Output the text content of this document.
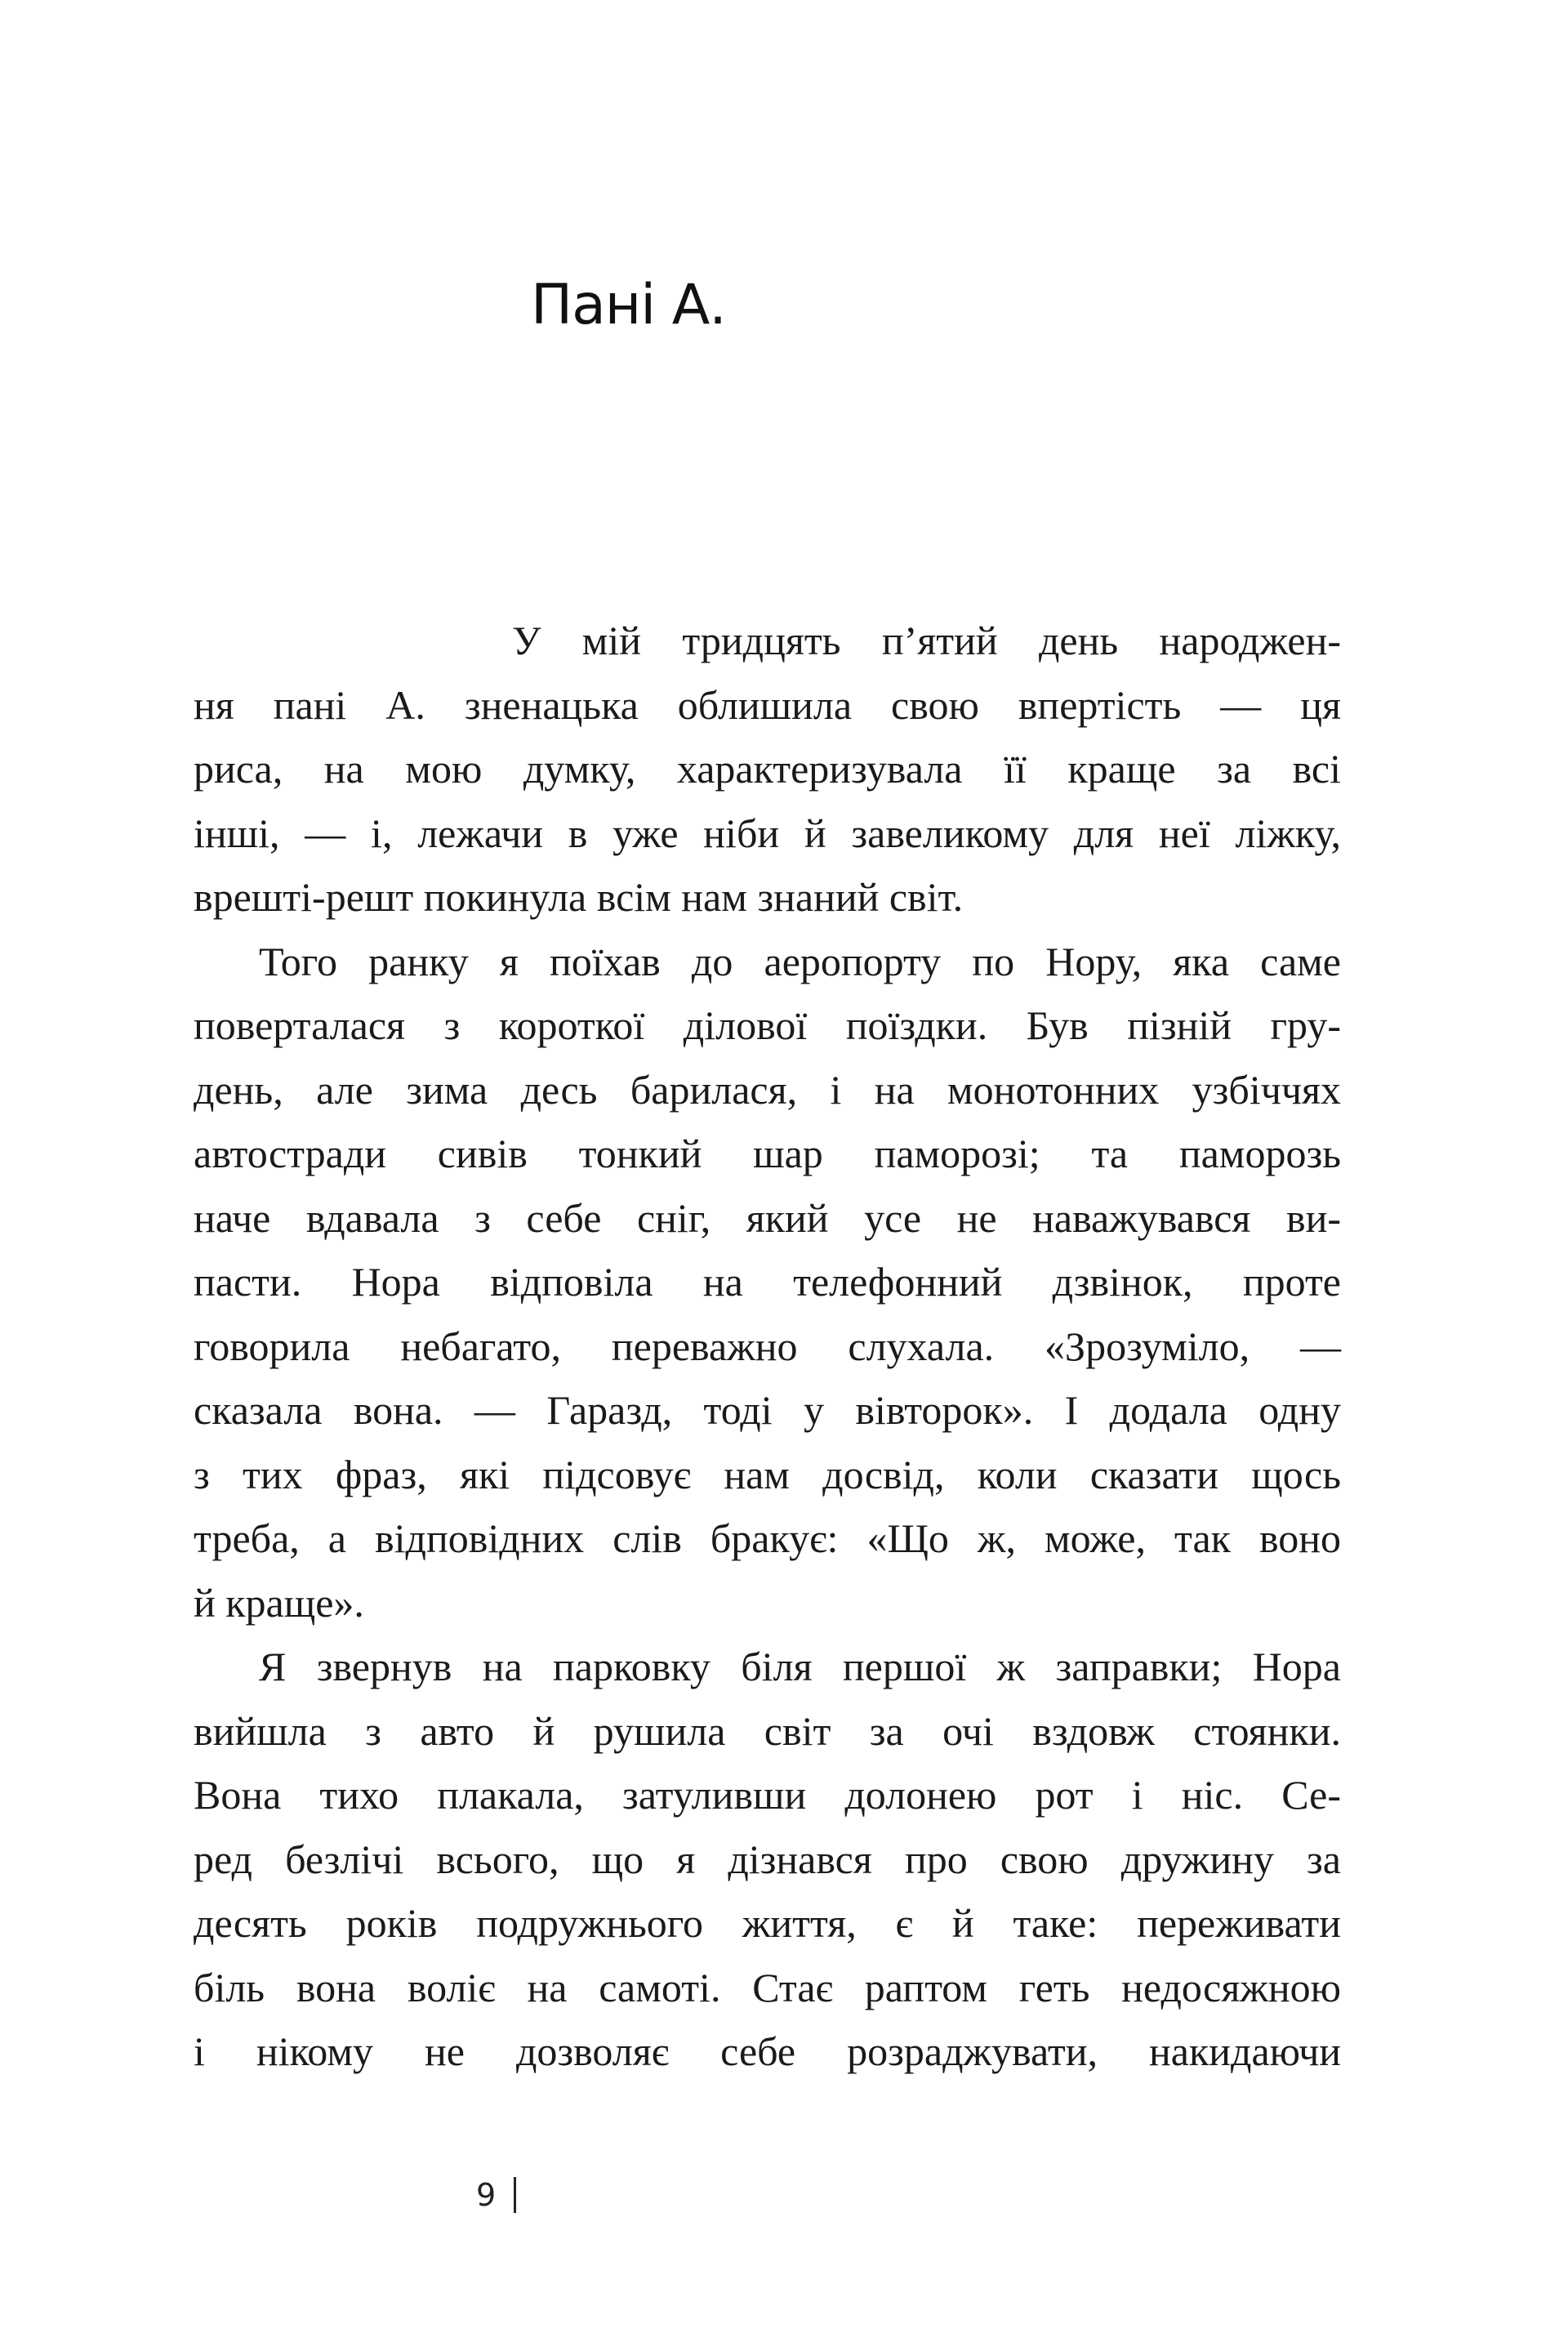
Пані А.
У мій тридцять п’ятий день народжен-
ня пані А. зненацька облишила свою впертість — ця
риса, на мою думку, характеризувала її краще за всі
інші, — і, лежачи в уже ніби й завеликому для неї ліжку,
врешті-решт покинула всім нам знаний світ.
Того ранку я поїхав до аеропорту по Нору, яка саме
поверталася з короткої ділової поїздки. Був пізній гру-
день, але зима десь барилася, і на монотонних узбіччях
автостради сивів тонкий шар паморозі; та паморозь
наче вдавала з себе сніг, який усе не наважувався ви-
пасти. Нора відповіла на телефонний дзвінок, проте
говорила небагато, переважно слухала. «Зрозуміло, —
сказала вона. — Гаразд, тоді у вівторок». І додала одну
з тих фраз, які підсовує нам досвід, коли сказати щось
треба, а відповідних слів бракує: «Що ж, може, так воно
й краще».
Я звернув на парковку біля першої ж заправки; Нора
вийшла з авто й рушила світ за очі вздовж стоянки.
Вона тихо плакала, затуливши долонею рот і ніс. Се-
ред безлічі всього, що я дізнався про свою дружину за
десять років подружнього життя, є й таке: переживати
біль вона воліє на самоті. Стає раптом геть недосяжною
і нікому не дозволяє себе розраджувати, накидаючи
9
